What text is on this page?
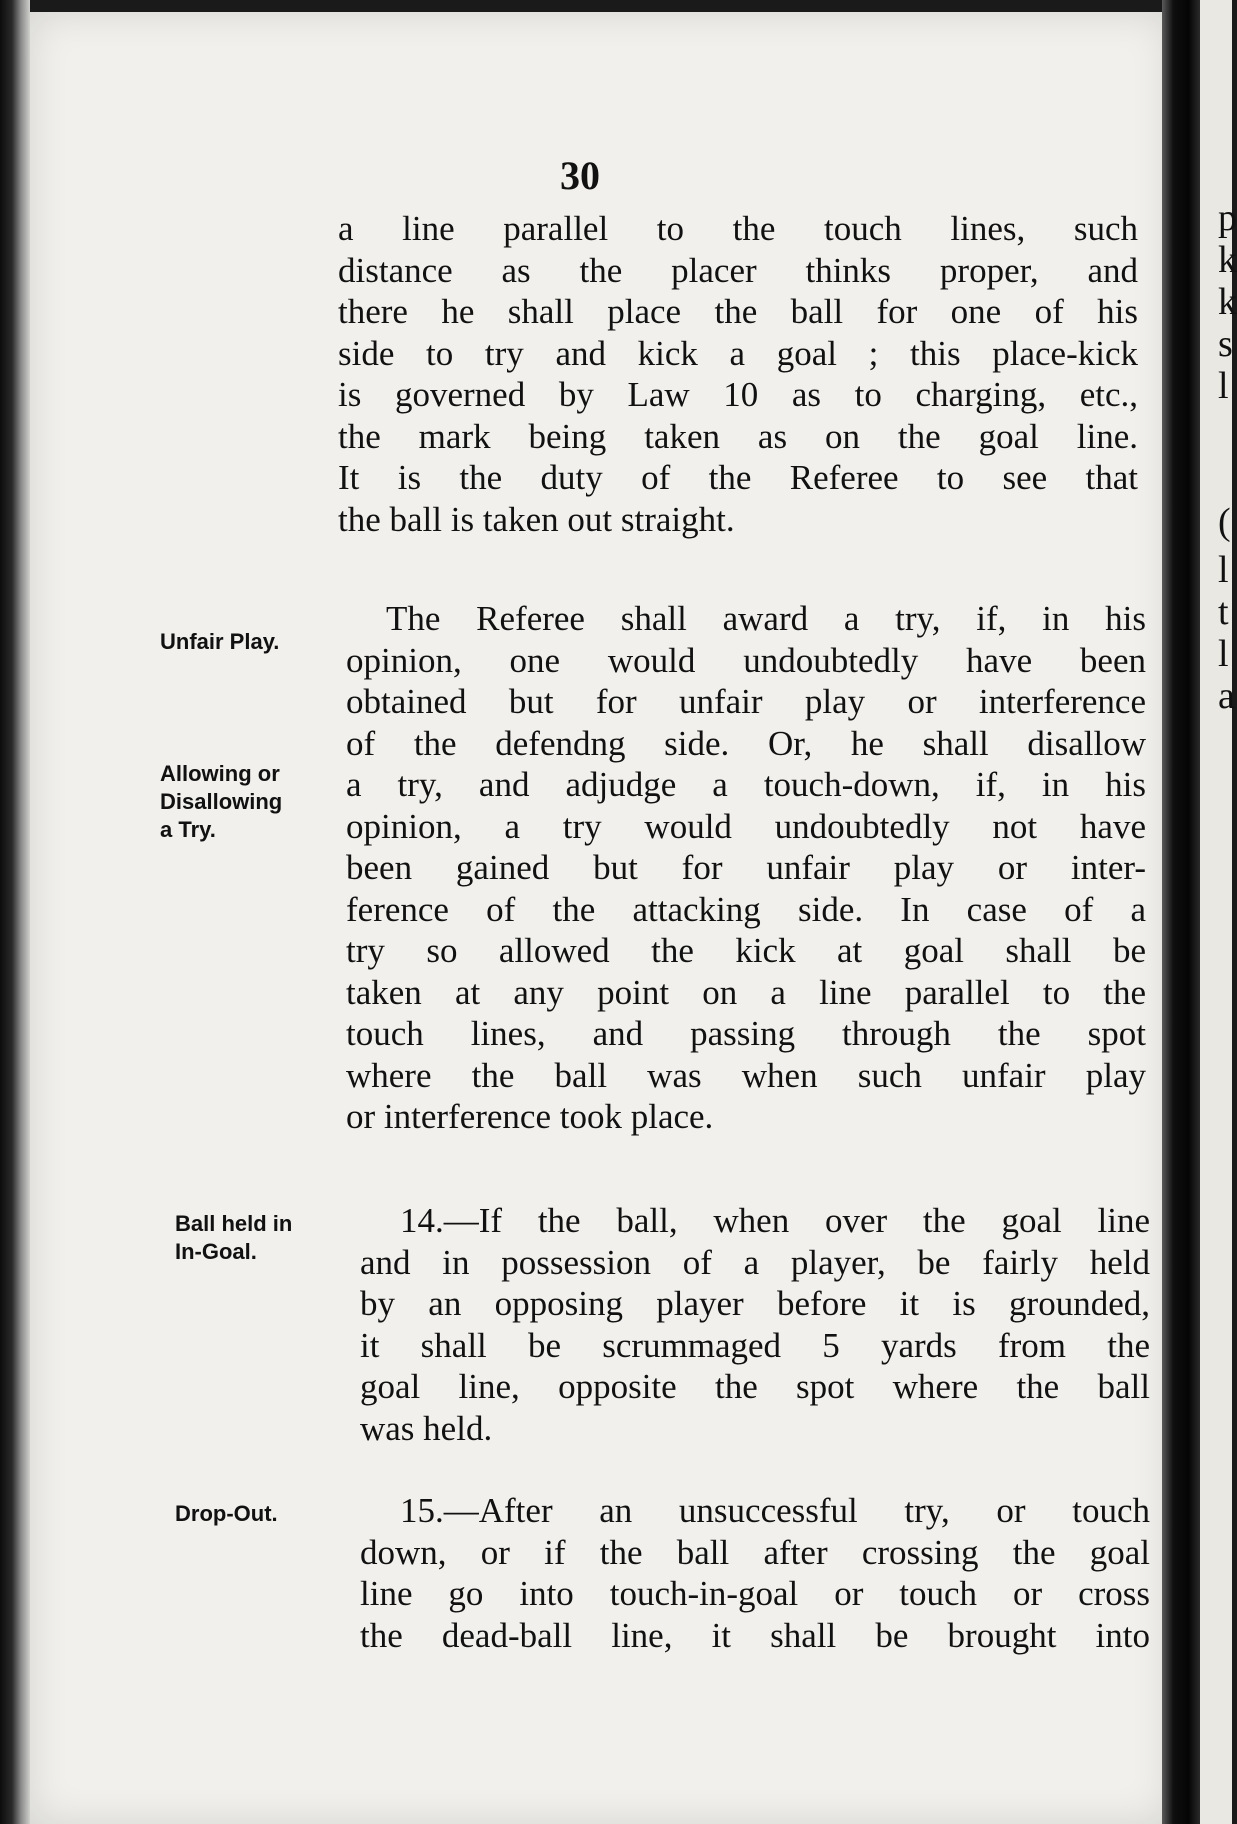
30
a line parallel to the touch lines, such
distance as the placer thinks proper, and
there he shall place the ball for one of his
side to try and kick a goal ; this place-kick
is governed by Law 10 as to charging, etc.,
the mark being taken as on the goal line.
It is the duty of the Referee to see that
the ball is taken out straight.
The Referee shall award a try, if, in his
opinion, one would undoubtedly have been
obtained but for unfair play or interference
of the defendng side. Or, he shall disallow
a try, and adjudge a touch-down, if, in his
opinion, a try would undoubtedly not have
been gained but for unfair play or inter-
ference of the attacking side. In case of a
try so allowed the kick at goal shall be
taken at any point on a line parallel to the
touch lines, and passing through the spot
where the ball was when such unfair play
or interference took place.
14.—If the ball, when over the goal line
and in possession of a player, be fairly held
by an opposing player before it is grounded,
it shall be scrummaged 5 yards from the
goal line, opposite the spot where the ball
was held.
15.—After an unsuccessful try, or touch
down, or if the ball after crossing the goal
line go into touch-in-goal or touch or cross
the dead-ball line, it shall be brought into
Unfair Play.
Allowing or
Disallowing
a Try.
Ball held in
In-Goal.
Drop-Out.
p
k
k
s
l
(
l
t
l
a
